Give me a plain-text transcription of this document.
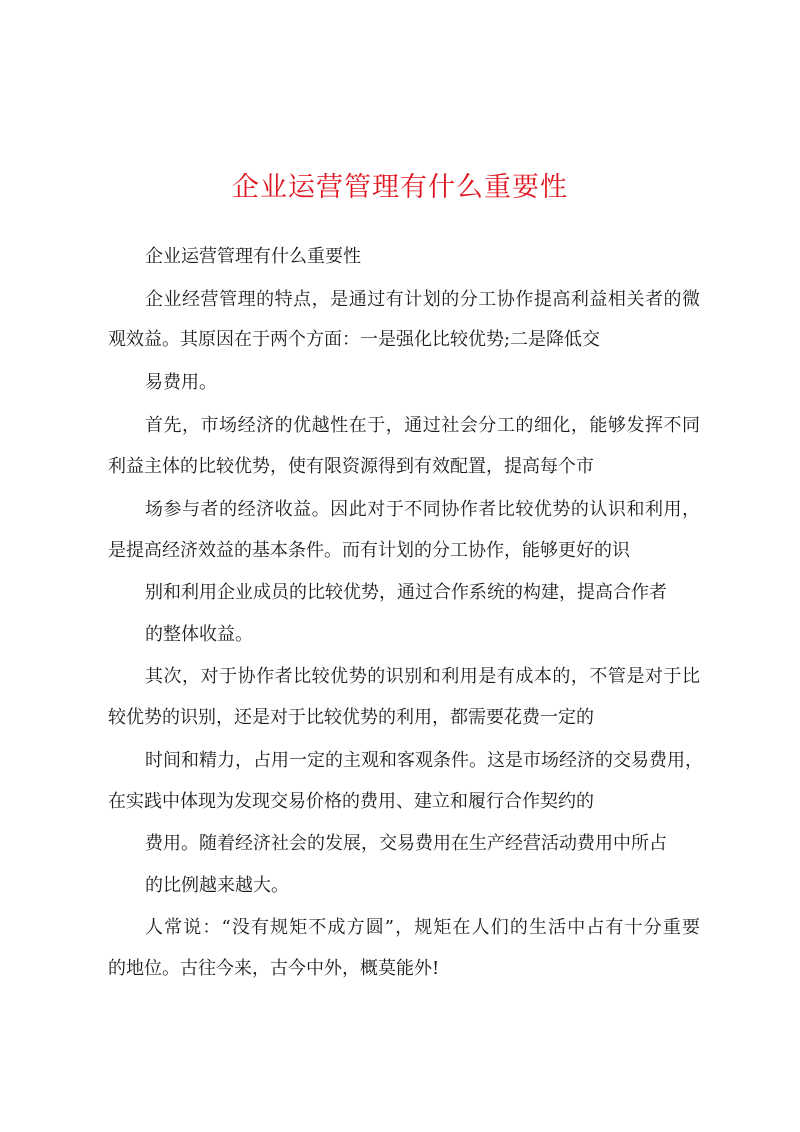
企业运营管理有什么重要性

企业运营管理有什么重要性

企业经营管理的特点，是通过有计划的分工协作提高利益相关者的微

观效益。其原因在于两个方面：一是强化比较优势;二是降低交

易费用。

首先，市场经济的优越性在于，通过社会分工的细化，能够发挥不同

利益主体的比较优势，使有限资源得到有效配置，提高每个市

场参与者的经济收益。因此对于不同协作者比较优势的认识和利用，

是提高经济效益的基本条件。而有计划的分工协作，能够更好的识

别和利用企业成员的比较优势，通过合作系统的构建，提高合作者

的整体收益。

其次，对于协作者比较优势的识别和利用是有成本的，不管是对于比

较优势的识别，还是对于比较优势的利用，都需要花费一定的

时间和精力，占用一定的主观和客观条件。这是市场经济的交易费用，

在实践中体现为发现交易价格的费用、建立和履行合作契约的

费用。随着经济社会的发展，交易费用在生产经营活动费用中所占

的比例越来越大。

人常说：“没有规矩不成方圆”，规矩在人们的生活中占有十分重要

的地位。古往今来，古今中外，概莫能外!
